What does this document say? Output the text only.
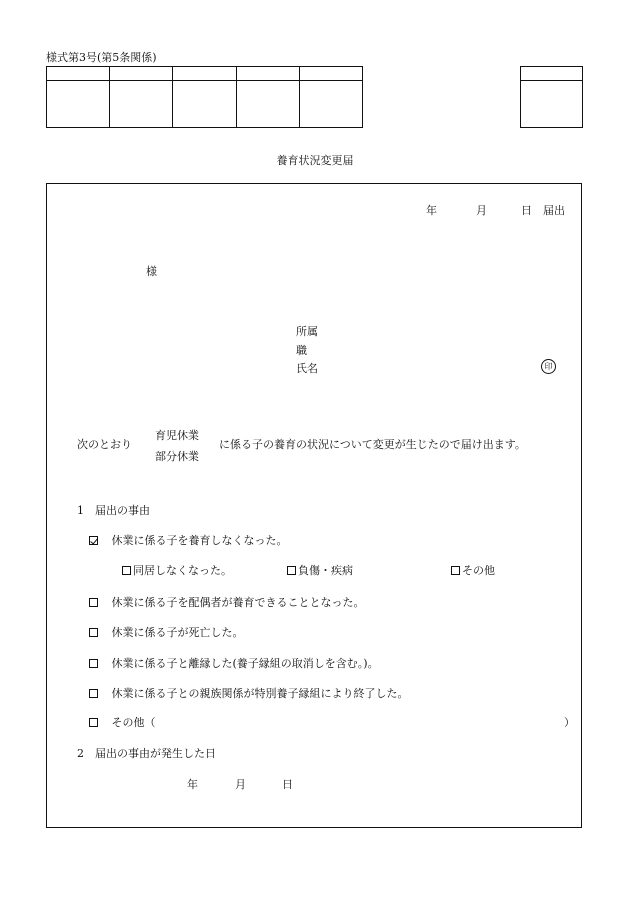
様式第3号(第5条関係)

養育状況変更届
年	月	日 届出
様
所属
職
氏名	印
次のとおり
育児休業
部分休業
に係る子の養育の状況について変更が生じたので届け出ます。
1　届出の事由
休業に係る子を養育しなくなった。
同居しなくなった。	負傷・疾病	その他
休業に係る子を配偶者が養育できることとなった。
休業に係る子が死亡した。
休業に係る子と離縁した(養子縁組の取消しを含む。)。
休業に係る子との親族関係が特別養子縁組により終了した。
その他（	）
2　届出の事由が発生した日
年	月	日
